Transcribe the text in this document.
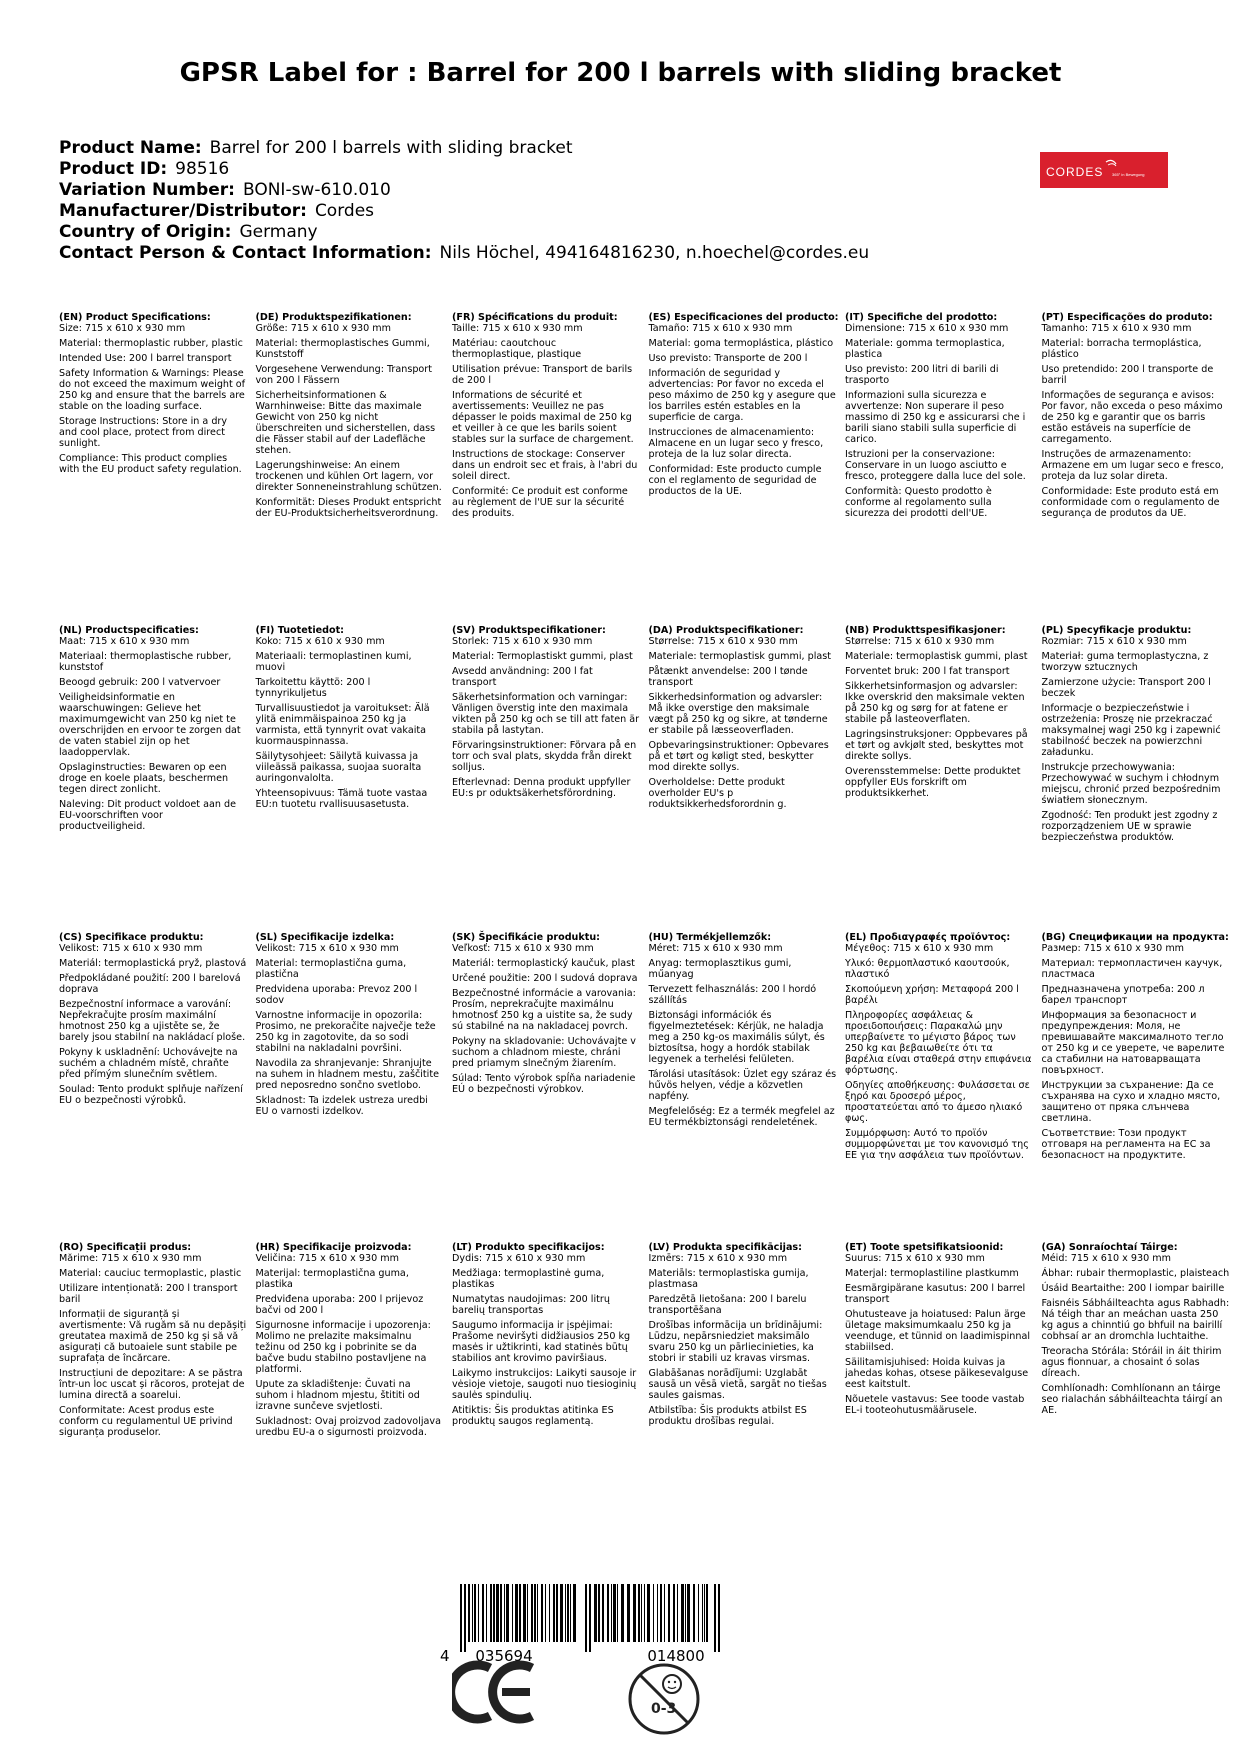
GPSR Label for : Barrel for 200 l barrels with sliding bracket
Product Name: Barrel for 200 l barrels with sliding bracket
Product ID: 98516
Variation Number: BONI-sw-610.010
Manufacturer/Distributor: Cordes
Country of Origin: Germany
Contact Person & Contact Information: Nils Höchel, 494164816230, n.hoechel@cordes.eu
CORDES 365° in Bewegung
(EN) Product Specifications:

Size: 715 x 610 x 930 mm

Material: thermoplastic rubber, plastic

Intended Use: 200 l barrel transport

Safety Information & Warnings: Please do not exceed the maximum weight of 250 kg and ensure that the barrels are stable on the loading surface.

Storage Instructions: Store in a dry and cool place, protect from direct sunlight.

Compliance: This product complies with the EU product safety regulation.

(DE) Produktspezifikationen:

Größe: 715 x 610 x 930 mm

Material: thermoplastisches Gummi, Kunststoff

Vorgesehene Verwendung: Transport von 200 l Fässern

Sicherheitsinformationen & Warnhinweise: Bitte das maximale Gewicht von 250 kg nicht überschreiten und sicherstellen, dass die Fässer stabil auf der Ladefläche stehen.

Lagerungshinweise: An einem trockenen und kühlen Ort lagern, vor direkter Sonneneinstrahlung schützen.

Konformität: Dieses Produkt entspricht der EU-Produktsicherheitsverordnung.

(FR) Spécifications du produit:

Taille: 715 x 610 x 930 mm

Matériau: caoutchouc thermoplastique, plastique

Utilisation prévue: Transport de barils de 200 l

Informations de sécurité et avertissements: Veuillez ne pas dépasser le poids maximal de 250 kg et veiller à ce que les barils soient stables sur la surface de chargement.

Instructions de stockage: Conserver dans un endroit sec et frais, à l'abri du soleil direct.

Conformité: Ce produit est conforme au règlement de l'UE sur la sécurité des produits.

(ES) Especificaciones del producto:

Tamaño: 715 x 610 x 930 mm

Material: goma termoplástica, plástico

Uso previsto: Transporte de 200 l

Información de seguridad y advertencias: Por favor no exceda el peso máximo de 250 kg y asegure que los barriles estén estables en la superficie de carga.

Instrucciones de almacenamiento: Almacene en un lugar seco y fresco, proteja de la luz solar directa.

Conformidad: Este producto cumple con el reglamento de seguridad de productos de la UE.

(IT) Specifiche del prodotto:

Dimensione: 715 x 610 x 930 mm

Materiale: gomma termoplastica, plastica

Uso previsto: 200 litri di barili di trasporto

Informazioni sulla sicurezza e avvertenze: Non superare il peso massimo di 250 kg e assicurarsi che i barili siano stabili sulla superficie di carico.

Istruzioni per la conservazione: Conservare in un luogo asciutto e fresco, proteggere dalla luce del sole.

Conformità: Questo prodotto è conforme al regolamento sulla sicurezza dei prodotti dell'UE.

(PT) Especificações do produto:

Tamanho: 715 x 610 x 930 mm

Material: borracha termoplástica, plástico

Uso pretendido: 200 l transporte de barril

Informações de segurança e avisos: Por favor, não exceda o peso máximo de 250 kg e garantir que os barris estão estáveis na superfície de carregamento.

Instruções de armazenamento: Armazene em um lugar seco e fresco, proteja da luz solar direta.

Conformidade: Este produto está em conformidade com o regulamento de segurança de produtos da UE.

(NL) Productspecificaties:

Maat: 715 x 610 x 930 mm

Materiaal: thermoplastische rubber, kunststof

Beoogd gebruik: 200 l vatvervoer

Veiligheidsinformatie en waarschuwingen: Gelieve het maximumgewicht van 250 kg niet te overschrijden en ervoor te zorgen dat de vaten stabiel zijn op het laadoppervlak.

Opslaginstructies: Bewaren op een droge en koele plaats, beschermen tegen direct zonlicht.

Naleving: Dit product voldoet aan de EU-voorschriften voor productveiligheid.

(FI) Tuotetiedot:

Koko: 715 x 610 x 930 mm

Materiaali: termoplastinen kumi, muovi

Tarkoitettu käyttö: 200 l tynnyrikuljetus

Turvallisuustiedot ja varoitukset: Älä ylitä enimmäispainoa 250 kg ja varmista, että tynnyrit ovat vakaita kuormauspinnassa.

Säilytysohjeet: Säilytä kuivassa ja viileässä paikassa, suojaa suoralta auringonvalolta.

Yhteensopivuus: Tämä tuote vastaa EU:n tuotetu rvallisuusasetusta.

(SV) Produktspecifikationer:

Storlek: 715 x 610 x 930 mm

Material: Termoplastiskt gummi, plast

Avsedd användning: 200 l fat transport

Säkerhetsinformation och varningar: Vänligen överstig inte den maximala vikten på 250 kg och se till att faten är stabila på lastytan.

Förvaringsinstruktioner: Förvara på en torr och sval plats, skydda från direkt solljus.

Efterlevnad: Denna produkt uppfyller EU:s pr oduktsäkerhetsförordning.

(DA) Produktspecifikationer:

Størrelse: 715 x 610 x 930 mm

Materiale: termoplastisk gummi, plast

Påtænkt anvendelse: 200 l tønde transport

Sikkerhedsinformation og advarsler: Må ikke overstige den maksimale vægt på 250 kg og sikre, at tønderne er stabile på læsseoverfladen.

Opbevaringsinstruktioner: Opbevares på et tørt og køligt sted, beskytter mod direkte sollys.

Overholdelse: Dette produkt overholder EU's p roduktsikkerhedsforordnin g.

(NB) Produkttspesifikasjoner:

Størrelse: 715 x 610 x 930 mm

Materiale: termoplastisk gummi, plast

Forventet bruk: 200 l fat transport

Sikkerhetsinformasjon og advarsler: Ikke overskrid den maksimale vekten på 250 kg og sørg for at fatene er stabile på lasteoverflaten.

Lagringsinstruksjoner: Oppbevares på et tørt og avkjølt sted, beskyttes mot direkte sollys.

Overensstemmelse: Dette produktet oppfyller EUs forskrift om produktsikkerhet.

(PL) Specyfikacje produktu:

Rozmiar: 715 x 610 x 930 mm

Materiał: guma termoplastyczna, z tworzyw sztucznych

Zamierzone użycie: Transport 200 l beczek

Informacje o bezpieczeństwie i ostrzeżenia: Proszę nie przekraczać maksymalnej wagi 250 kg i zapewnić stabilność beczek na powierzchni załadunku.

Instrukcje przechowywania: Przechowywać w suchym i chłodnym miejscu, chronić przed bezpośrednim światłem słonecznym.

Zgodność: Ten produkt jest zgodny z rozporządzeniem UE w sprawie bezpieczeństwa produktów.

(CS) Specifikace produktu:

Velikost: 715 x 610 x 930 mm

Materiál: termoplastická pryž, plastová

Předpokládané použití: 200 l barelová doprava

Bezpečnostní informace a varování: Nepřekračujte prosím maximální hmotnost 250 kg a ujistěte se, že barely jsou stabilní na nakládací ploše.

Pokyny k uskladnění: Uchovávejte na suchém a chladném místě, chraňte před přímým slunečním světlem.

Soulad: Tento produkt splňuje nařízení EU o bezpečnosti výrobků.

(SL) Specifikacije izdelka:

Velikost: 715 x 610 x 930 mm

Material: termoplastična guma, plastična

Predvidena uporaba: Prevoz 200 l sodov

Varnostne informacije in opozorila: Prosimo, ne prekoračite največje teže 250 kg in zagotovite, da so sodi stabilni na nakladalni površini.

Navodila za shranjevanje: Shranjujte na suhem in hladnem mestu, zaščitite pred neposredno sončno svetlobo.

Skladnost: Ta izdelek ustreza uredbi EU o varnosti izdelkov.

(SK) Špecifikácie produktu:

Veľkosť: 715 x 610 x 930 mm

Materiál: termoplastický kaučuk, plast

Určené použitie: 200 l sudová doprava

Bezpečnostné informácie a varovania: Prosím, neprekračujte maximálnu hmotnosť 250 kg a uistite sa, že sudy sú stabilné na na nakladacej povrch.

Pokyny na skladovanie: Uchovávajte v suchom a chladnom mieste, chráni pred priamym slnečným žiarením.

Súlad: Tento výrobok spĺňa nariadenie EÚ o bezpečnosti výrobkov.

(HU) Termékjellemzők:

Méret: 715 x 610 x 930 mm

Anyag: termoplasztikus gumi, műanyag

Tervezett felhasználás: 200 l hordó szállítás

Biztonsági információk és figyelmeztetések: Kérjük, ne haladja meg a 250 kg-os maximális súlyt, és biztosítsa, hogy a hordók stabilak legyenek a terhelési felületen.

Tárolási utasítások: Üzlet egy száraz és hűvös helyen, védje a közvetlen napfény.

Megfelelőség: Ez a termék megfelel az EU termékbiztonsági rendeletének.

(EL) Προδιαγραφές προϊόντος:

Μέγεθος: 715 x 610 x 930 mm

Υλικό: θερμοπλαστικό καουτσούκ, πλαστικό

Σκοπούμενη χρήση: Μεταφορά 200 l βαρέλι

Πληροφορίες ασφάλειας & προειδοποιήσεις: Παρακαλώ μην υπερβαίνετε το μέγιστο βάρος των 250 kg και βεβαιωθείτε ότι τα βαρέλια είναι σταθερά στην επιφάνεια φόρτωσης.

Οδηγίες αποθήκευσης: Φυλάσσεται σε ξηρό και δροσερό μέρος, προστατεύεται από το άμεσο ηλιακό φως.

Συμμόρφωση: Αυτό το προϊόν συμμορφώνεται με τον κανονισμό της ΕΕ για την ασφάλεια των προϊόντων.

(BG) Спецификации на продукта:

Размер: 715 x 610 x 930 mm

Материал: термопластичен каучук, пластмаса

Предназначена употреба: 200 л барел транспорт

Информация за безопасност и предупреждения: Моля, не превишавайте максималното тегло от 250 kg и се уверете, че варелите са стабилни на натоварващата повърхност.

Инструкции за съхранение: Да се съхранява на сухо и хладно място, защитено от пряка слънчева светлина.

Съответствие: Този продукт отговаря на регламента на ЕС за безопасност на продуктите.

(RO) Specificații produs:

Mărime: 715 x 610 x 930 mm

Material: cauciuc termoplastic, plastic

Utilizare intenționată: 200 l transport baril

Informații de siguranță și avertismente: Vă rugăm să nu depășiți greutatea maximă de 250 kg și să vă asigurați că butoaiele sunt stabile pe suprafața de încărcare.

Instrucțiuni de depozitare: A se păstra într-un loc uscat și răcoros, protejat de lumina directă a soarelui.

Conformitate: Acest produs este conform cu regulamentul UE privind siguranța produselor.

(HR) Specifikacije proizvoda:

Veličina: 715 x 610 x 930 mm

Materijal: termoplastična guma, plastika

Predviđena uporaba: 200 l prijevoz bačvi od 200 l

Sigurnosne informacije i upozorenja: Molimo ne prelazite maksimalnu težinu od 250 kg i pobrinite se da bačve budu stabilno postavljene na platformi.

Upute za skladištenje: Čuvati na suhom i hladnom mjestu, štititi od izravne sunčeve svjetlosti.

Sukladnost: Ovaj proizvod zadovoljava uredbu EU-a o sigurnosti proizvoda.

(LT) Produkto specifikacijos:

Dydis: 715 x 610 x 930 mm

Medžiaga: termoplastinė guma, plastikas

Numatytas naudojimas: 200 litrų barelių transportas

Saugumo informacija ir įspėjimai: Prašome neviršyti didžiausios 250 kg masės ir užtikrinti, kad statinės būtų stabilios ant krovimo paviršiaus.

Laikymo instrukcijos: Laikyti sausoje ir vėsioje vietoje, saugoti nuo tiesioginių saulės spindulių.

Atitiktis: Šis produktas atitinka ES produktų saugos reglamentą.

(LV) Produkta specifikācijas:

Izmērs: 715 x 610 x 930 mm

Materiāls: termoplastiska gumija, plastmasa

Paredzētā lietošana: 200 l barelu transportēšana

Drošības informācija un brīdinājumi: Lūdzu, nepārsniedziet maksimālo svaru 250 kg un pārliecinieties, ka stobri ir stabili uz kravas virsmas.

Glabāšanas norādījumi: Uzglabāt sausā un vēsā vietā, sargāt no tiešas saules gaismas.

Atbilstība: Šis produkts atbilst ES produktu drošības regulai.

(ET) Toote spetsifikatsioonid:

Suurus: 715 x 610 x 930 mm

Materjal: termoplastiline plastkumm

Eesmärgipärane kasutus: 200 l barrel transport

Ohutusteave ja hoiatused: Palun ärge ületage maksimumkaalu 250 kg ja veenduge, et tünnid on laadimispinnal stabiilsed.

Säilitamisjuhised: Hoida kuivas ja jahedas kohas, otsese päikesevalguse eest kaitstult.

Nõuetele vastavus: See toode vastab EL-i tooteohutusmäärusele.

(GA) Sonraíochtaí Táirge:

Méid: 715 x 610 x 930 mm

Ábhar: rubair thermoplastic, plaisteach

Úsáid Beartaithe: 200 l iompar bairille

Faisnéis Sábháilteachta agus Rabhadh: Ná téigh thar an meáchan uasta 250 kg agus a chinntiú go bhfuil na bairillí cobhsaí ar an dromchla luchtaithe.

Treoracha Stórála: Stóráil in áit thirim agus fionnuar, a chosaint ó solas díreach.

Comhlíonadh: Comhlíonann an táirge seo rialachán sábháilteachta táirgí an AE.

4 035694	014800
0-3
